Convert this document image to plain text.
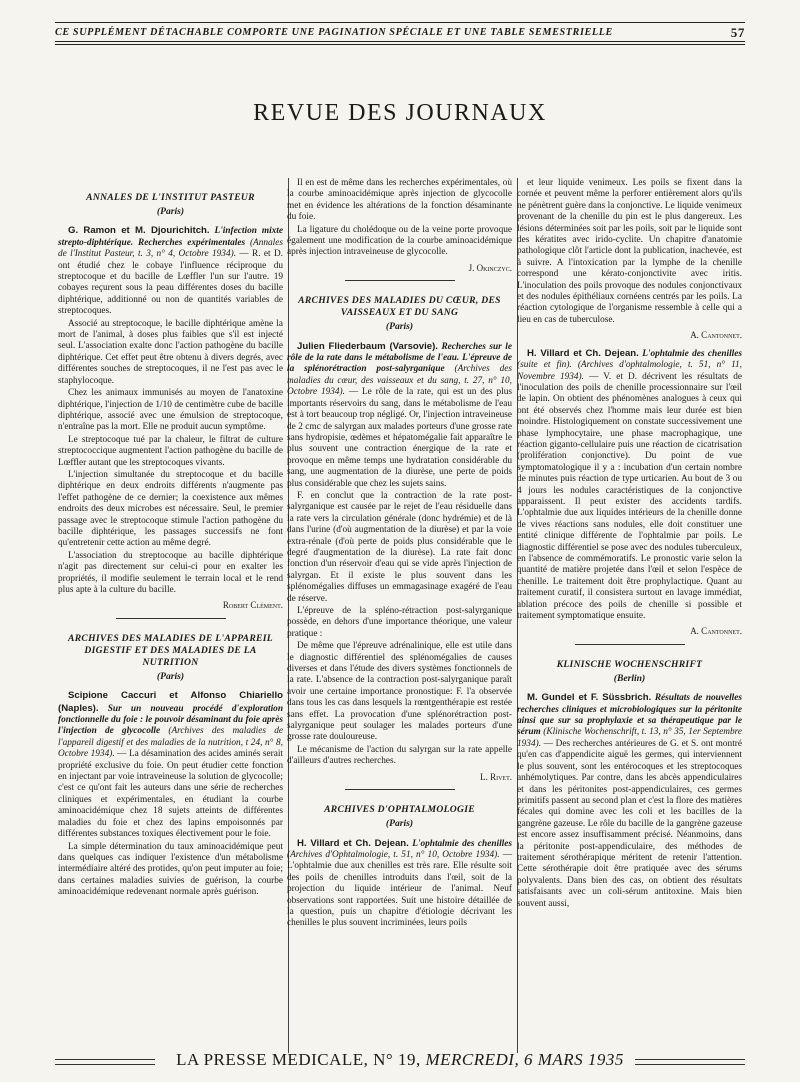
CE SUPPLÉMENT DÉTACHABLE COMPORTE UNE PAGINATION SPÉCIALE ET UNE TABLE SEMESTRIELLE	57
REVUE DES JOURNAUX
ANNALES DE L'INSTITUT PASTEUR
(Paris)

G. Ramon et M. Djourichitch. L'infection mixte strepto-diphtérique. Recherches expérimentales (Annales de l'Institut Pasteur, t. 3, n° 4, Octobre 1934). — R. et D. ont étudié chez le cobaye l'influence réciproque du streptocoque et du bacille de Lœffler l'un sur l'autre. 19 cobayes reçurent sous la peau différentes doses du bacille diphtérique, additionné ou non de quantités variables de streptocoques.

Associé au streptocoque, le bacille diphtérique amène la mort de l'animal, à doses plus faibles que s'il est injecté seul. L'association exalte donc l'action pathogène du bacille diphtérique. Cet effet peut être obtenu à divers degrés, avec différentes souches de streptocoques, il ne l'est pas avec le staphylocoque.

Chez les animaux immunisés au moyen de l'anatoxine diphtérique, l'injection de 1/10 de centimètre cube de bacille diphtérique, associé avec une émulsion de streptocoque, n'entraîne pas la mort. Elle ne produit aucun symptôme.

Le streptocoque tué par la chaleur, le filtrat de culture streptococcique augmentent l'action pathogène du bacille de Lœffler autant que les streptocoques vivants.

L'injection simultanée du streptocoque et du bacille diphtérique en deux endroits différents n'augmente pas l'effet pathogène de ce dernier; la coexistence aux mêmes endroits des deux microbes est nécessaire. Seul, le premier passage avec le streptocoque stimule l'action pathogène du bacille diphtérique, les passages successifs ne font qu'entretenir cette action au même degré.

L'association du streptocoque au bacille diphtérique n'agit pas directement sur celui-ci pour en exalter les propriétés, il modifie seulement le terrain local et le rend plus apte à la culture du bacille.

Robert Clément.

ARCHIVES DES MALADIES DE L'APPAREIL DIGESTIF ET DES MALADIES DE LA NUTRITION
(Paris)

Scipione Caccuri et Alfonso Chiariello (Naples). Sur un nouveau procédé d'exploration fonctionnelle du foie : le pouvoir désaminant du foie après l'injection de glycocolle (Archives des maladies de l'appareil digestif et des maladies de la nutrition, t 24, n° 8, Octobre 1934). — La désamination des acides aminés serait propriété exclusive du foie. On peut étudier cette fonction en injectant par voie intraveineuse la solution de glycocolle; c'est ce qu'ont fait les auteurs dans une série de recherches cliniques et expérimentales, en étudiant la courbe aminoacidémique chez 18 sujets atteints de différentes maladies du foie et chez des lapins empoisonnés par différentes substances toxiques électivement pour le foie.

La simple détermination du taux aminoacidémique peut dans quelques cas indiquer l'existence d'un métabolisme intermédiaire altéré des protides, qu'on peut imputer au foie; dans certaines maladies suivies de guérison, la courbe aminoacidémique redevenant normale après guérison.

Il en est de même dans les recherches expérimentales, où la courbe aminoacidémique après injection de glycocolle met en évidence les altérations de la fonction désaminante du foie.

La ligature du cholédoque ou de la veine porte provoque également une modification de la courbe aminoacidémique après injection intraveineuse de glycocolle.

J. Okinczyc.

ARCHIVES DES MALADIES DU CŒUR, DES VAISSEAUX ET DU SANG
(Paris)

Julien Fliederbaum (Varsovie). Recherches sur le rôle de la rate dans le métabolisme de l'eau. L'épreuve de la splénorétraction post-salyrganique (Archives des maladies du cœur, des vaisseaux et du sang, t. 27, n° 10, Octobre 1934). — Le rôle de la rate, qui est un des plus importants réservoirs du sang, dans le métabolisme de l'eau est à tort beaucoup trop négligé. Or, l'injection intraveineuse de 2 cmc de salyrgan aux malades porteurs d'une grosse rate sans hydropisie, œdèmes et hépatomégalie fait apparaître le plus souvent une contraction énergique de la rate et provoque en même temps une hydratation considérable du sang, une augmentation de la diurèse, une perte de poids plus considérable que chez les sujets sains.

F. en conclut que la contraction de la rate post-salyrganique est causée par le rejet de l'eau résiduelle dans la rate vers la circulation générale (donc hydrémie) et de là dans l'urine (d'où augmentation de la diurèse) et par la voie extra-rénale (d'où perte de poids plus considérable que le degré d'augmentation de la diurèse). La rate fait donc fonction d'un réservoir d'eau qui se vide après l'injection de salyrgan. Et il existe le plus souvent dans les splénomégalies diffuses un emmagasinage exagéré de l'eau de réserve.

L'épreuve de la spléno-rétraction post-salyrganique possède, en dehors d'une importance théorique, une valeur pratique :

De même que l'épreuve adrénalinique, elle est utile dans le diagnostic différentiel des splénomégalies de causes diverses et dans l'étude des divers systèmes fonctionnels de la rate. L'absence de la contraction post-salyrganique paraît avoir une certaine importance pronostique: F. l'a observée dans tous les cas dans lesquels la rœntgenthérapie est restée sans effet. La provocation d'une splénorétraction post-salyrganique peut soulager les malades porteurs d'une grosse rate douloureuse.

Le mécanisme de l'action du salyrgan sur la rate appelle d'ailleurs d'autres recherches.

L. Rivet.

ARCHIVES D'OPHTALMOLOGIE
(Paris)

H. Villard et Ch. Dejean. L'ophtalmie des chenilles (Archives d'Ophtalmologie, t. 51, n° 10, Octobre 1934). — L'ophtalmie due aux chenilles est très rare. Elle résulte soit des poils de chenilles introduits dans l'œil, soit de la projection du liquide intérieur de l'animal. Neuf observations sont rapportées. Suit une histoire détaillée de la question, puis un chapitre d'étiologie décrivant les chenilles le plus souvent incriminées, leurs poils

et leur liquide venimeux. Les poils se fixent dans la cornée et peuvent même la perforer entièrement alors qu'ils ne pénètrent guère dans la conjonctive. Le liquide venimeux provenant de la chenille du pin est le plus dangereux. Les lésions déterminées soit par les poils, soit par le liquide sont des kératites avec irido-cyclite. Un chapitre d'anatomie pathologique clôt l'article dont la publication, inachevée, est à suivre. A l'intoxication par la lymphe de la chenille correspond une kérato-conjonctivite avec iritis. L'inoculation des poils provoque des nodules conjonctivaux et des nodules épithéliaux cornéens centrés par les poils. La réaction cytologique de l'organisme ressemble à celle qui a lieu en cas de tuberculose.

A. Cantonnet.

H. Villard et Ch. Dejean. L'ophtalmie des chenilles (suite et fin). (Archives d'ophtalmologie, t. 51, n° 11, Novembre 1934). — V. et D. décrivent les résultats de l'inoculation des poils de chenille processionnaire sur l'œil de lapin. On obtient des phénomènes analogues à ceux qui ont été observés chez l'homme mais leur durée est bien moindre. Histologiquement on constate successivement une phase lymphocytaire, une phase macrophagique, une réaction giganto-cellulaire puis une réaction de cicatrisation (prolifération conjonctive). Du point de vue symptomatologique il y a : incubation d'un certain nombre de minutes puis réaction de type urticarien. Au bout de 3 ou 4 jours les nodules caractéristiques de la conjonctive apparaissent. Il peut exister des accidents tardifs. L'ophtalmie due aux liquides intérieurs de la chenille donne de vives réactions sans nodules, elle doit constituer une entité clinique différente de l'ophtalmie par poils. Le diagnostic différentiel se pose avec des nodules tuberculeux, en l'absence de commémoratifs. Le pronostic varie selon la quantité de matière projetée dans l'œil et selon l'espèce de chenille. Le traitement doit être prophylactique. Quant au traitement curatif, il consistera surtout en lavage immédiat, ablation précoce des poils de chenille si possible et traitement symptomatique ensuite.

A. Cantonnet.

KLINISCHE WOCHENSCHRIFT
(Berlin)

M. Gundel et F. Süssbrich. Résultats de nouvelles recherches cliniques et microbiologiques sur la péritonite ainsi que sur sa prophylaxie et sa thérapeutique par le sérum (Klinische Wochenschrift, t. 13, n° 35, 1er Septembre 1934). — Des recherches antérieures de G. et S. ont montré qu'en cas d'appendicite aiguë les germes, qui interviennent le plus souvent, sont les entérocoques et les streptocoques anhémolytiques. Par contre, dans les abcès appendiculaires et dans les péritonites post-appendiculaires, ces germes primitifs passent au second plan et c'est la flore des matières fécales qui domine avec les coli et les bacilles de la gangrène gazeuse. Le rôle du bacille de la gangrène gazeuse est encore assez insuffisamment précisé. Néanmoins, dans la péritonite post-appendiculaire, des méthodes de traitement sérothérapique méritent de retenir l'attention. Cette sérothérapie doit être pratiquée avec des sérums polyvalents. Dans bien des cas, on obtient des résultats satisfaisants avec un coli-sérum antitoxine. Mais bien souvent aussi,

LA PRESSE MEDICALE, N° 19, MERCREDI, 6 MARS 1935
